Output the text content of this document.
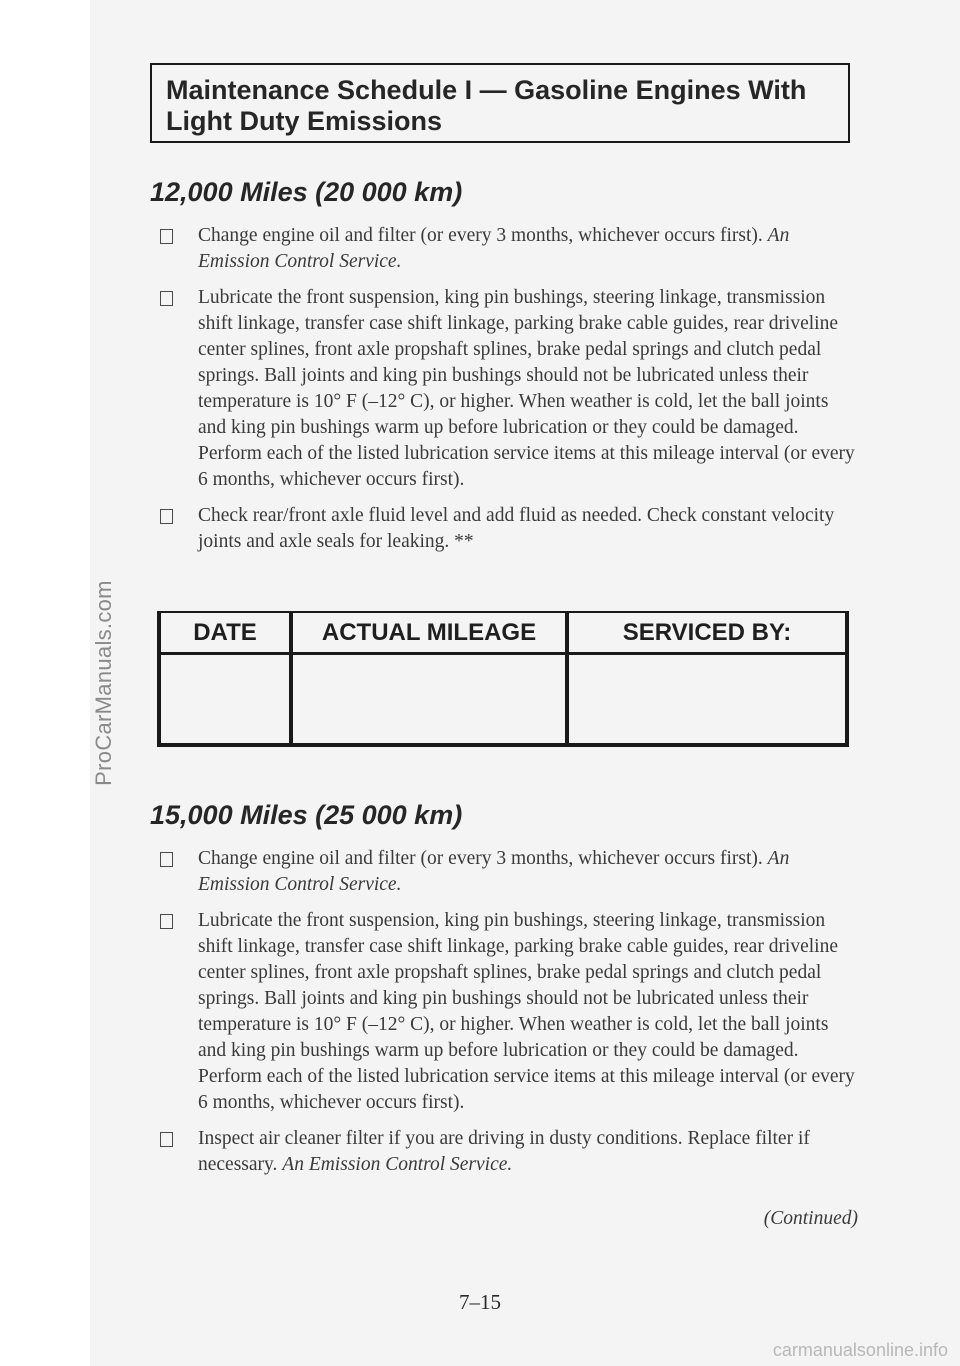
ProCarManuals.com
Maintenance Schedule I — Gasoline Engines With
Light Duty Emissions
12,000 Miles (20 000 km)
Change engine oil and filter (or every 3 months, whichever occurs first). An Emission Control Service.
Lubricate the front suspension, king pin bushings, steering linkage, transmission shift linkage, transfer case shift linkage, parking brake cable guides, rear driveline center splines, front axle propshaft splines, brake pedal springs and clutch pedal springs. Ball joints and king pin bushings should not be lubricated unless their temperature is 10° F (–12° C), or higher. When weather is cold, let the ball joints and king pin bushings warm up before lubrication or they could be damaged. Perform each of the listed lubrication service items at this mileage interval (or every 6 months, whichever occurs first).
Check rear/front axle fluid level and add fluid as needed. Check constant velocity joints and axle seals for leaking. **
DATE	ACTUAL MILEAGE	SERVICED BY:

15,000 Miles (25 000 km)
Change engine oil and filter (or every 3 months, whichever occurs first). An Emission Control Service.
Lubricate the front suspension, king pin bushings, steering linkage, transmission shift linkage, transfer case shift linkage, parking brake cable guides, rear driveline center splines, front axle propshaft splines, brake pedal springs and clutch pedal springs. Ball joints and king pin bushings should not be lubricated unless their temperature is 10° F (–12° C), or higher. When weather is cold, let the ball joints and king pin bushings warm up before lubrication or they could be damaged. Perform each of the listed lubrication service items at this mileage interval (or every 6 months, whichever occurs first).
Inspect air cleaner filter if you are driving in dusty conditions. Replace filter if necessary. An Emission Control Service.
(Continued)
7–15
carmanualsonline.info
